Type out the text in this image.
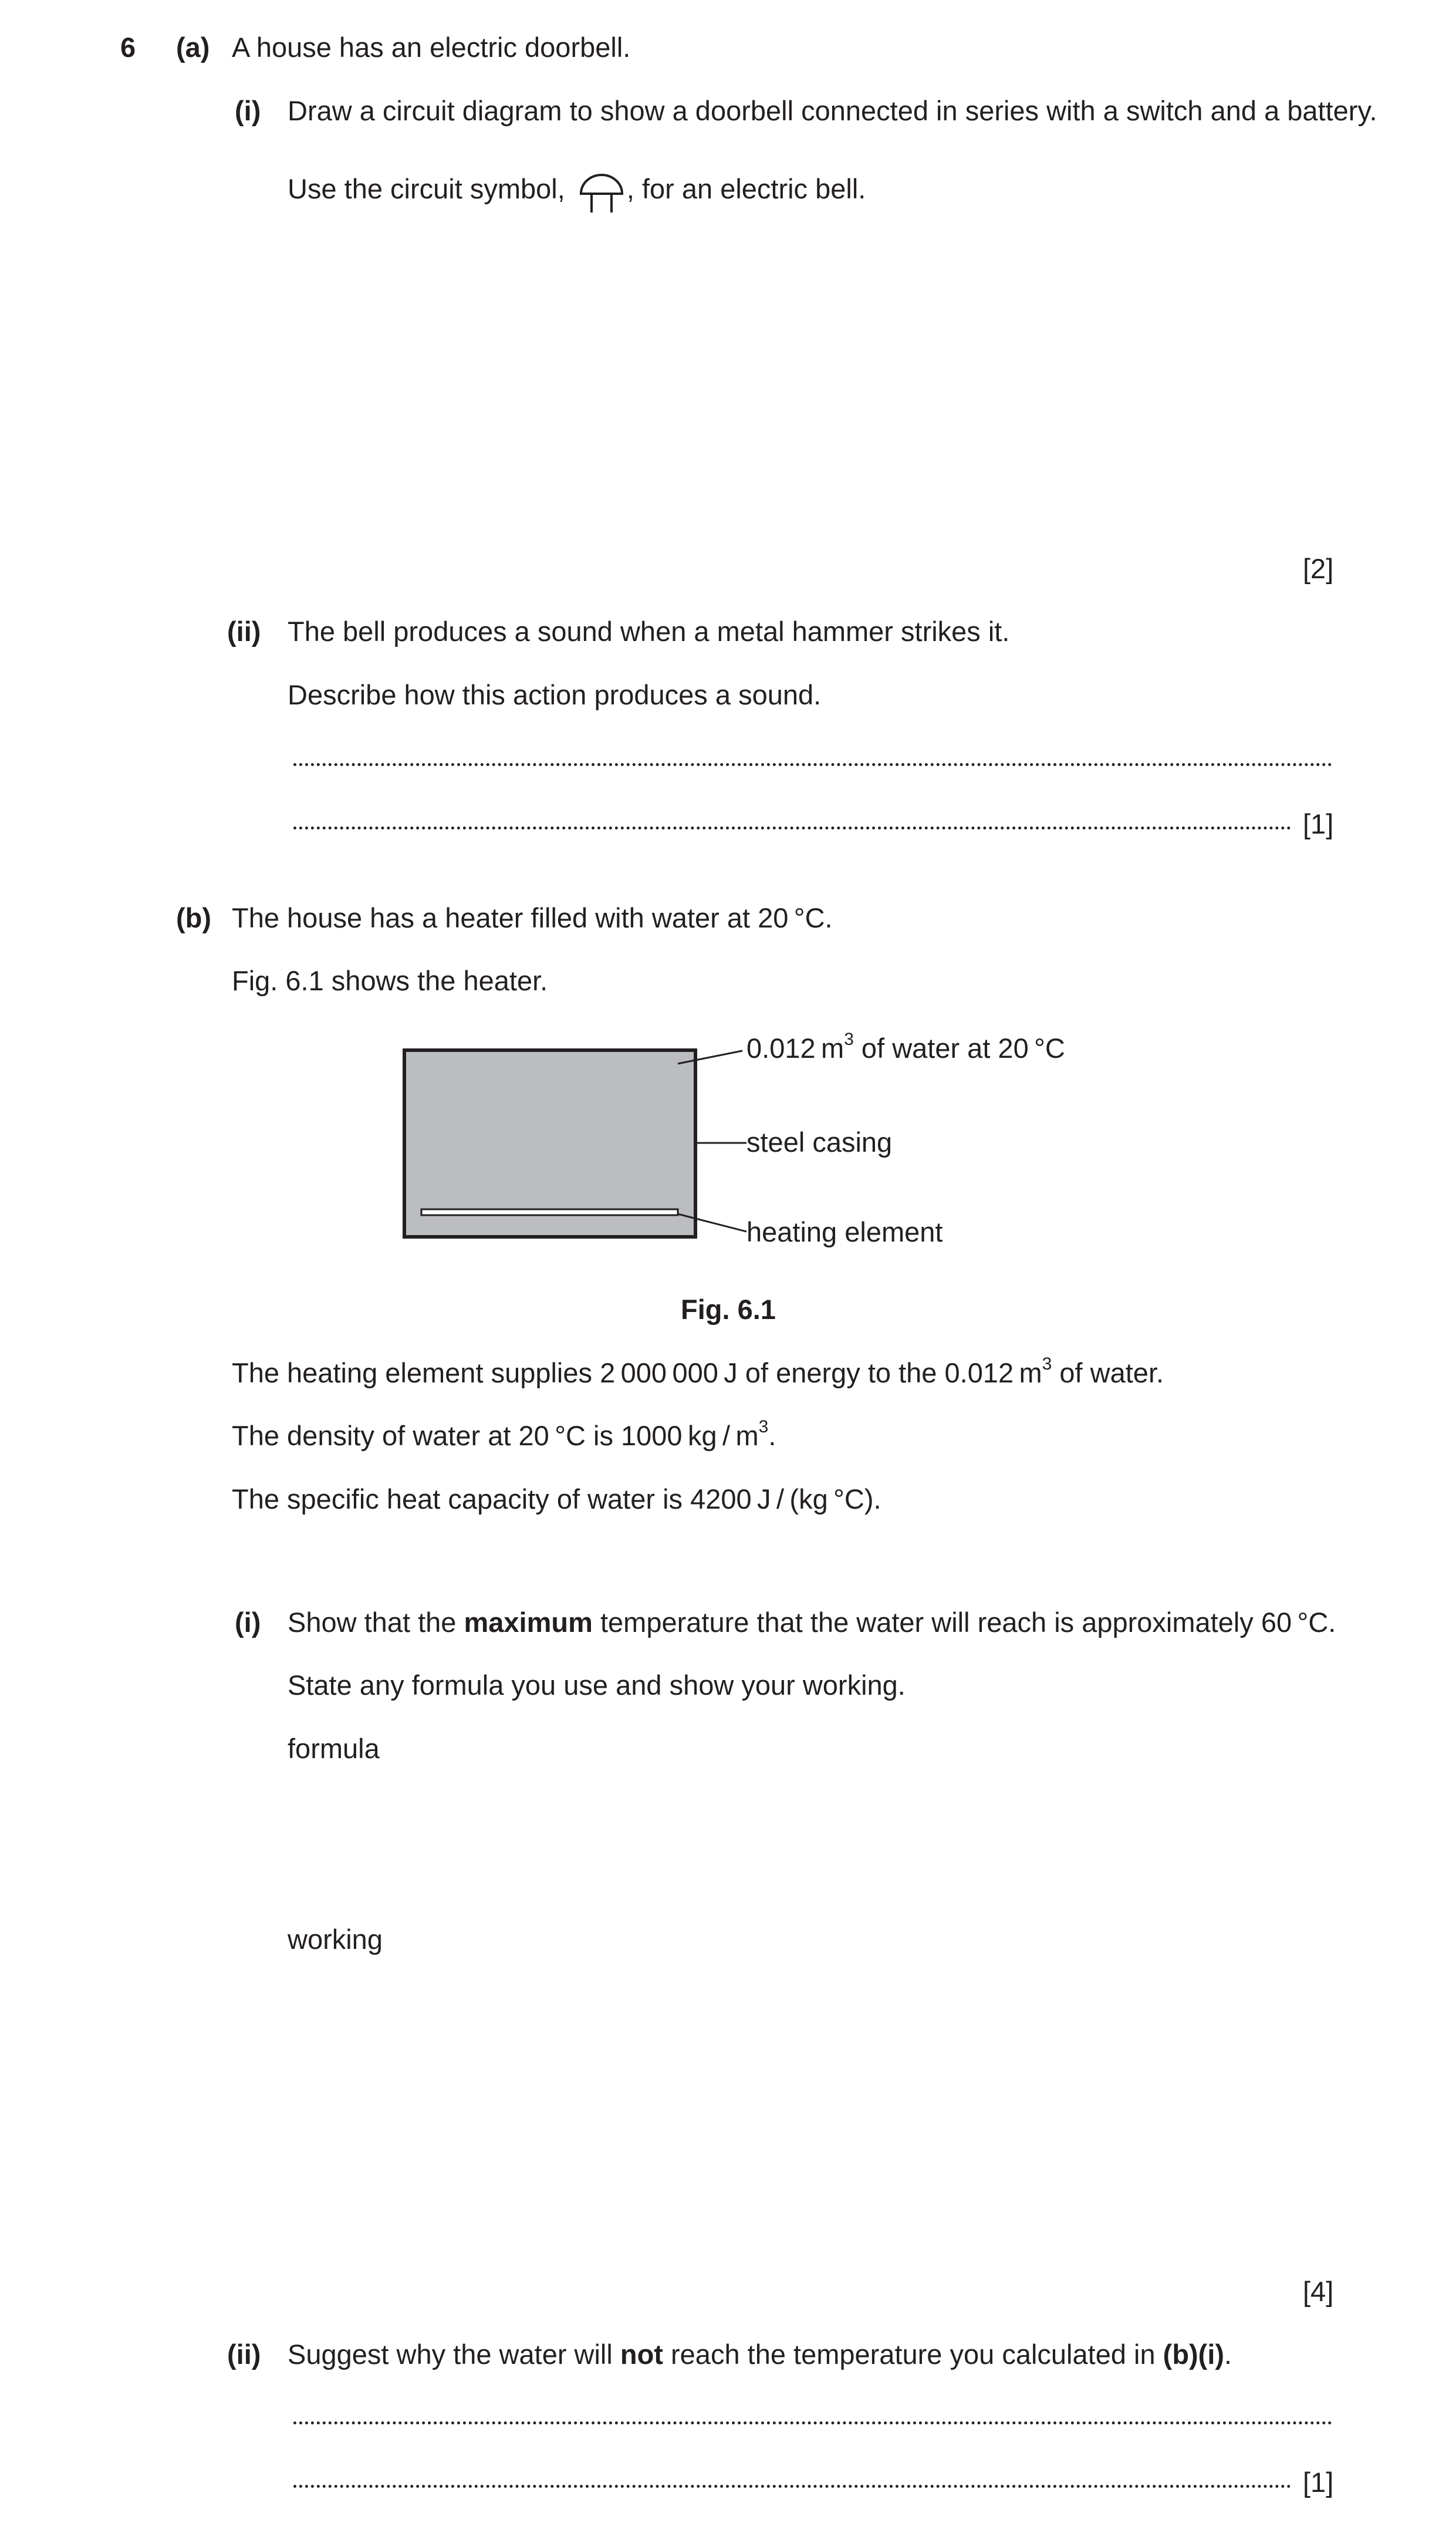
6 (a) A house has an electric doorbell.
(i) Draw a circuit diagram to show a doorbell connected in series with a switch and a battery.
Use the circuit symbol, , for an electric bell.
[2]
(ii) The bell produces a sound when a metal hammer strikes it.
Describe how this action produces a sound.
[1]
(b) The house has a heater filled with water at 20 °C.
Fig. 6.1 shows the heater.
0.012 $m^3$ of water at 20 °C
steel casing
heating element
Fig. 6.1
The heating element supplies 2 000 000 J of energy to the 0.012 $m^3$ of water.
The density of water at 20 °C is 1000 kg / $m^3$.
The specific heat capacity of water is 4200 J / (kg °C).
(i) Show that the maximum temperature that the water will reach is approximately 60 °C.
State any formula you use and show your working.
formula
working
[4]
(ii) Suggest why the water will not reach the temperature you calculated in (b)(i).
[1]
